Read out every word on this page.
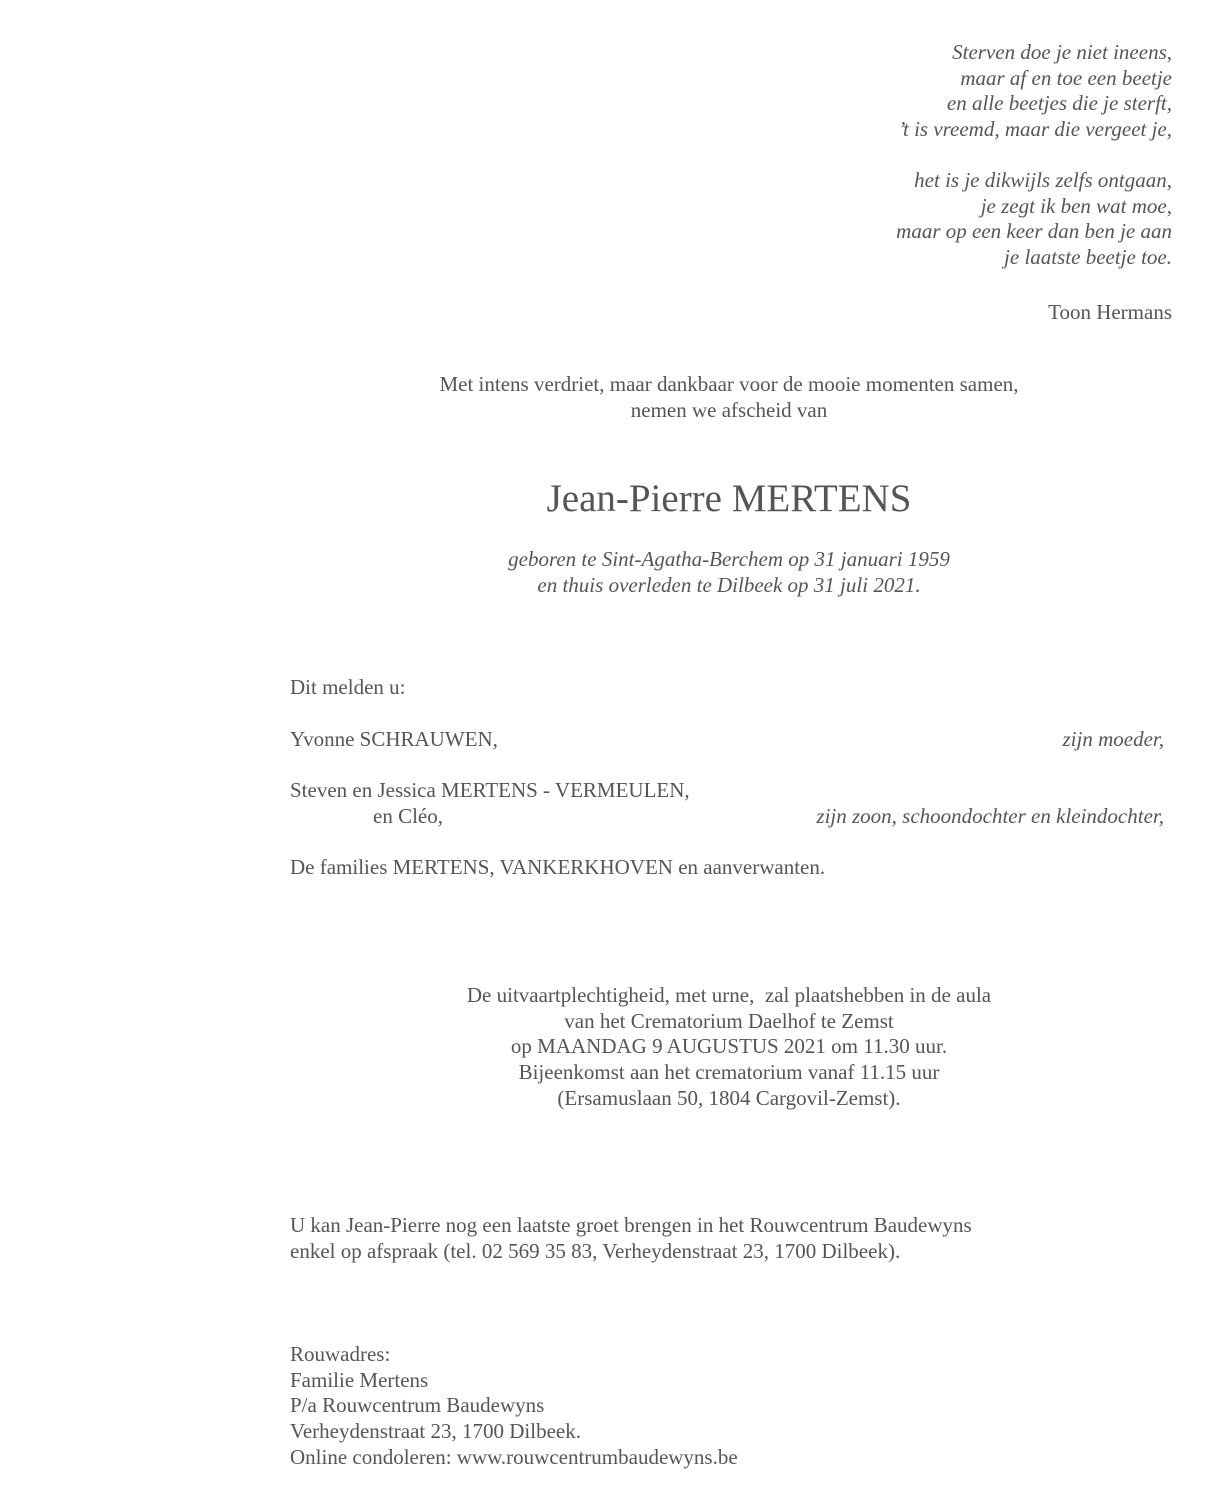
Sterven doe je niet ineens,
maar af en toe een beetje
en alle beetjes die je sterft,
’t is vreemd, maar die vergeet je,
het is je dikwijls zelfs ontgaan,
je zegt ik ben wat moe,
maar op een keer dan ben je aan
je laatste beetje toe.
Toon Hermans
Met intens verdriet, maar dankbaar voor de mooie momenten samen,
nemen we afscheid van
Jean-Pierre MERTENS
geboren te Sint-Agatha-Berchem op 31 januari 1959
en thuis overleden te Dilbeek op 31 juli 2021.
Dit melden u:
Yvonne SCHRAUWEN,	zijn moeder,
Steven en Jessica MERTENS - VERMEULEN,
en Cléo,	zijn zoon, schoondochter en kleindochter,
De families MERTENS, VANKERKHOVEN en aanverwanten.
De uitvaartplechtigheid, met urne,  zal plaatshebben in de aula
van het Crematorium Daelhof te Zemst
op MAANDAG 9 AUGUSTUS 2021 om 11.30 uur.
Bijeenkomst aan het crematorium vanaf 11.15 uur
(Ersamuslaan 50, 1804 Cargovil-Zemst).
U kan Jean-Pierre nog een laatste groet brengen in het Rouwcentrum Baudewyns
enkel op afspraak (tel. 02 569 35 83, Verheydenstraat 23, 1700 Dilbeek).
Rouwadres:
Familie Mertens
P/a Rouwcentrum Baudewyns
Verheydenstraat 23, 1700 Dilbeek.
Online condoleren: www.rouwcentrumbaudewyns.be
